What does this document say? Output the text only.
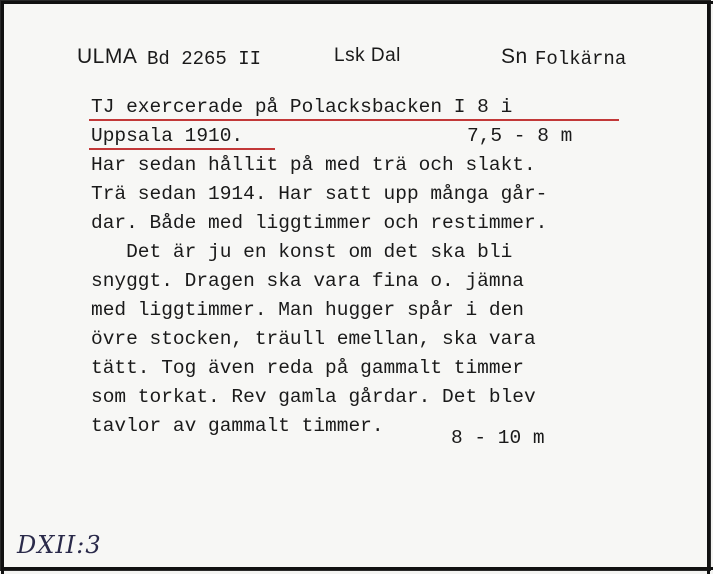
ULMA Bd 2265 II	Lsk Dal	Sn Folkärna
TJ exercerade på Polacksbacken I 8 i
Uppsala 1910.	7,5 - 8 m
Har sedan hållit på med trä och slakt.
Trä sedan 1914. Har satt upp många går-
dar. Både med liggtimmer och restimmer.
Det är ju en konst om det ska bli
snyggt. Dragen ska vara fina o. jämna
med liggtimmer. Man hugger spår i den
övre stocken, träull emellan, ska vara
tätt. Tog även reda på gammalt timmer
som torkat. Rev gamla gårdar. Det blev
tavlor av gammalt timmer.
8 - 10 m
DXII:3
